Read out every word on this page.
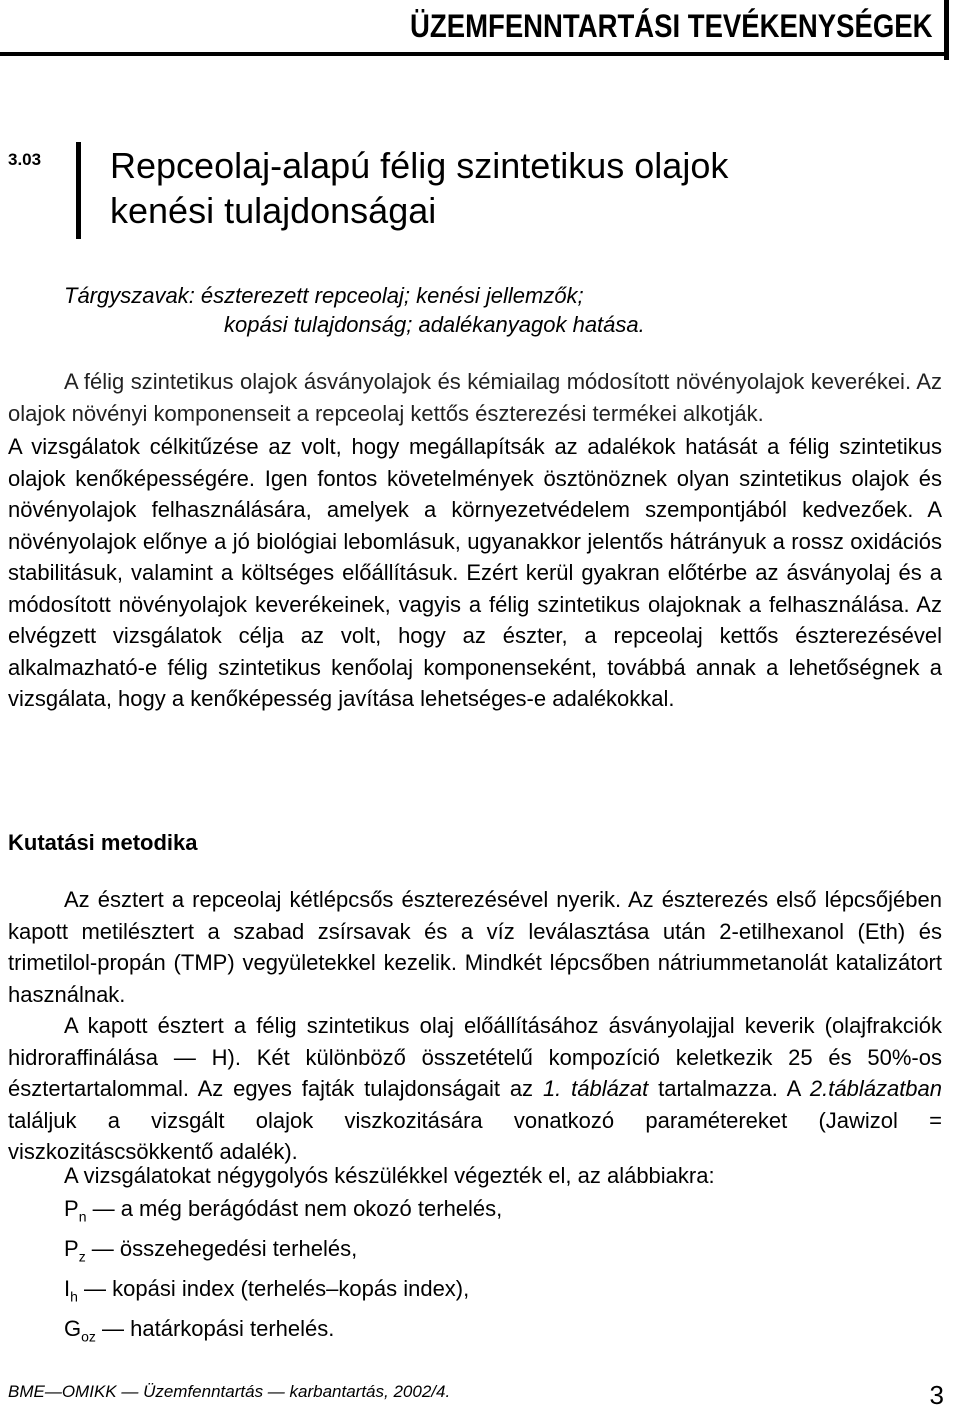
ÜZEMFENNTARTÁSI TEVÉKENYSÉGEK
3.03 Repceolaj-alapú félig szintetikus olajok
kenési tulajdonságai
Tárgyszavak: észterezett repceolaj; kenési jellemzők;
kopási tulajdonság; adalékanyagok hatása.

A félig szintetikus olajok ásványolajok és kémiailag módosított növényolajok keverékei. Az olajok növényi komponenseit a repceolaj kettős észterezési termékei alkotják.

A vizsgálatok célkitűzése az volt, hogy megállapítsák az adalékok hatását a félig szintetikus olajok kenőképességére. Igen fontos követelmények ösztönöznek olyan szintetikus olajok és növényolajok felhasználására, amelyek a környezetvédelem szempontjából kedvezőek. A növényolajok előnye a jó biológiai lebomlásuk, ugyanakkor jelentős hátrányuk a rossz oxidációs stabilitásuk, valamint a költséges előállításuk. Ezért kerül gyakran előtérbe az ásványolaj és a módosított növényolajok keverékeinek, vagyis a félig szintetikus olajoknak a felhasználása. Az elvégzett vizsgálatok célja az volt, hogy az észter, a repceolaj kettős észterezésével alkalmazható-e félig szintetikus kenőolaj komponenseként, továbbá annak a lehetőségnek a vizsgálata, hogy a kenőképesség javítása lehetséges-e adalékokkal.

Kutatási metodika

Az észtert a repceolaj kétlépcsős észterezésével nyerik. Az észterezés első lépcsőjében kapott metilésztert a szabad zsírsavak és a víz leválasztása után 2-etilhexanol (Eth) és trimetilol-propán (TMP) vegyületekkel kezelik. Mindkét lépcsőben nátriummetanolát katalizátort használnak.

A kapott észtert a félig szintetikus olaj előállításához ásványolajjal keverik (olajfrakciók hidroraffinálása — H). Két különböző összetételű kompozíció keletkezik 25 és 50%-os észtertartalommal. Az egyes fajták tulajdonságait az 1. táblázat tartalmazza. A 2.táblázatban találjuk a vizsgált olajok viszkozitására vonatkozó paramétereket (Jawizol = viszkozitáscsökkentő adalék).

A vizsgálatokat négygolyós készülékkel végezték el, az alábbiakra:

$P_n$ — a még berágódást nem okozó terhelés,
$P_z$ — összehegedési terhelés,
$I_h$ — kopási index (terhelés–kopás index),
$G_{oz}$ — határkopási terhelés.
BME—OMIKK — Üzemfenntartás — karbantartás, 2002/4.	3
